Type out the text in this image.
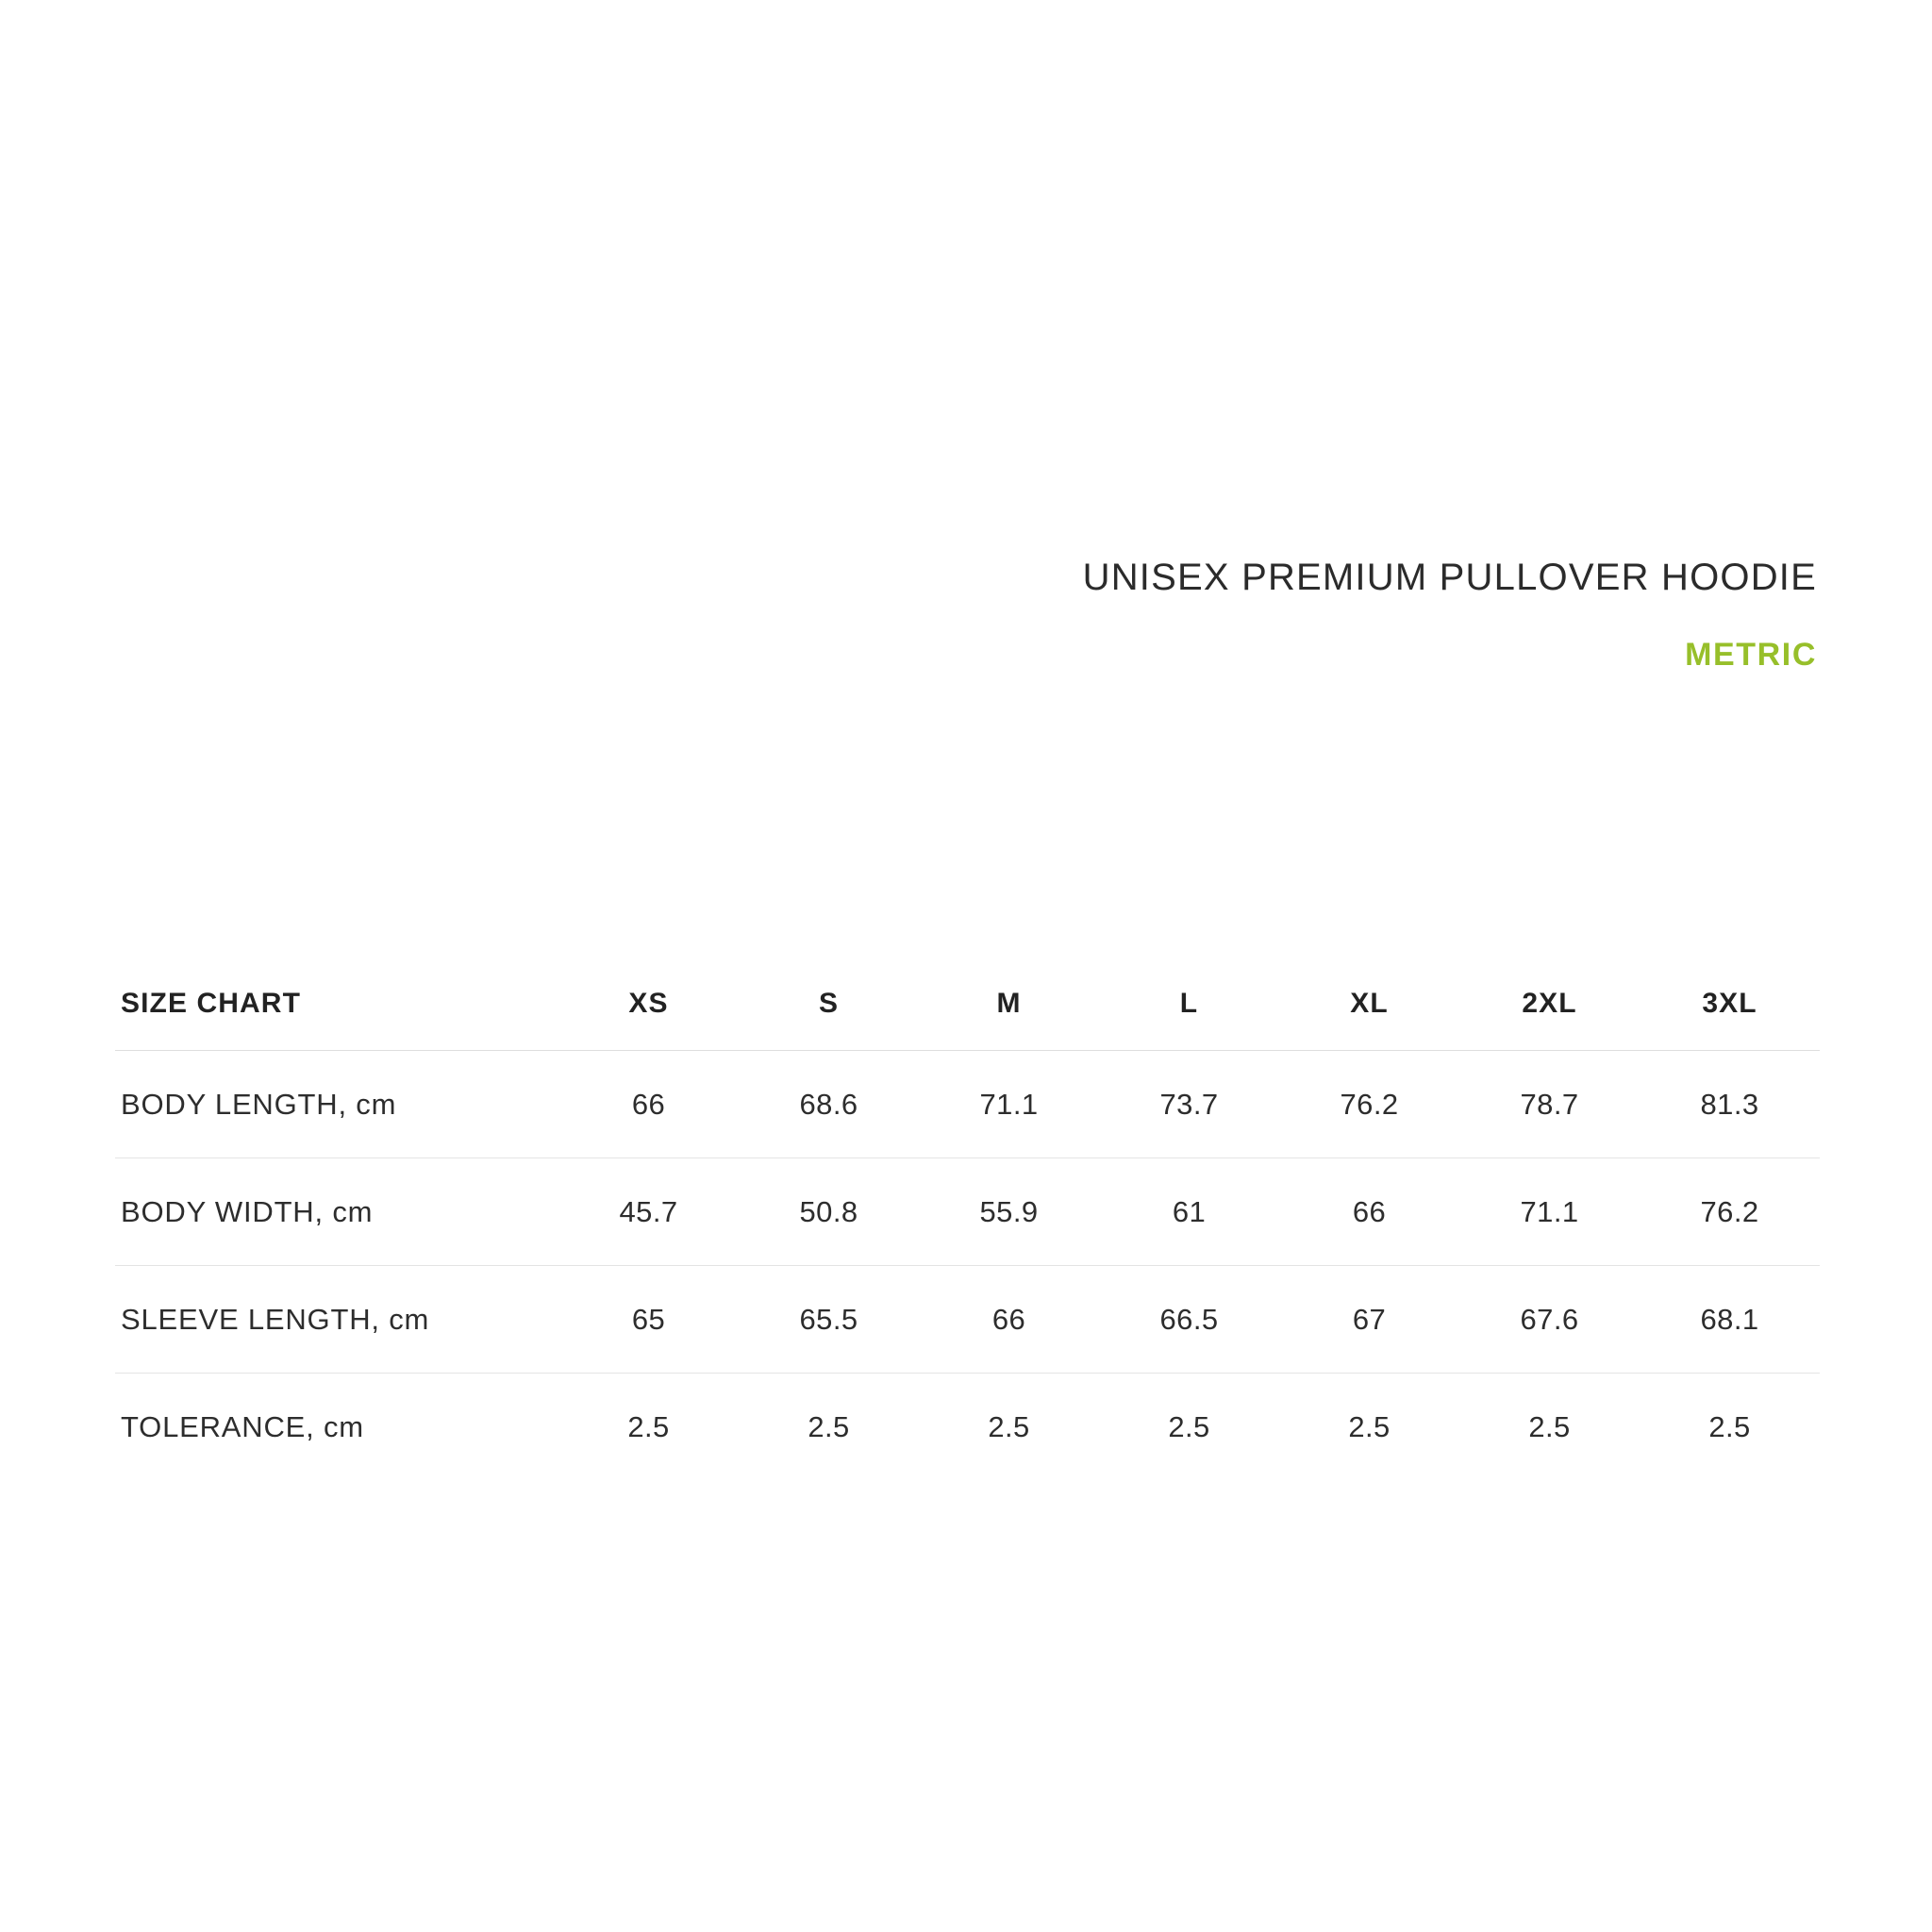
UNISEX PREMIUM PULLOVER HOODIE
METRIC
SIZE CHART	XS	S	M	L	XL	2XL	3XL
BODY LENGTH, cm	66	68.6	71.1	73.7	76.2	78.7	81.3
BODY WIDTH, cm	45.7	50.8	55.9	61	66	71.1	76.2
SLEEVE LENGTH, cm	65	65.5	66	66.5	67	67.6	68.1
TOLERANCE, cm	2.5	2.5	2.5	2.5	2.5	2.5	2.5
